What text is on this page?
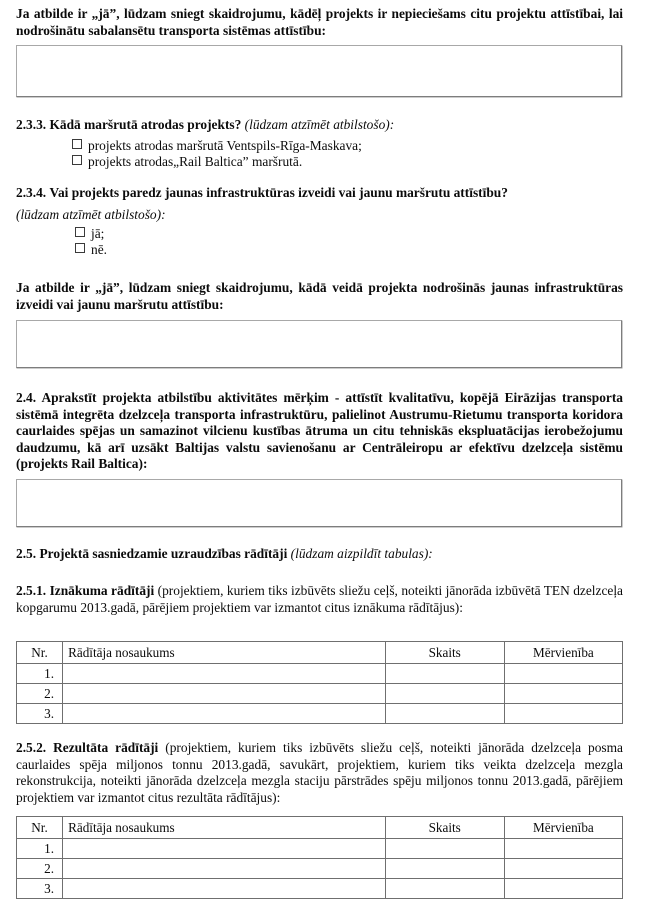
Ja atbilde ir „jā”, lūdzam sniegt skaidrojumu, kādēļ projekts ir nepieciešams citu projektu attīstībai, lai nodrošinātu sabalansētu transporta sistēmas attīstību:
2.3.3. Kādā maršrutā atrodas projekts? (lūdzam atzīmēt atbilstošo):
projekts atrodas maršrutā Ventspils-Rīga-Maskava;
projekts atrodas„Rail Baltica” maršrutā.
2.3.4. Vai projekts paredz jaunas infrastruktūras izveidi vai jaunu maršrutu attīstību?
(lūdzam atzīmēt atbilstošo):
jā;
nē.
Ja atbilde ir „jā”, lūdzam sniegt skaidrojumu, kādā veidā projekta nodrošinās jaunas infrastruktūras izveidi vai jaunu maršrutu attīstību:
2.4. Aprakstīt projekta atbilstību aktivitātes mērķim - attīstīt kvalitatīvu, kopējā Eirāzijas transporta sistēmā integrēta dzelzceļa transporta infrastruktūru, palielinot Austrumu-Rietumu transporta koridora caurlaides spējas un samazinot vilcienu kustības ātruma un citu tehniskās ekspluatācijas ierobežojumu daudzumu, kā arī uzsākt Baltijas valstu savienošanu ar Centrāleiropu ar efektīvu dzelzceļa sistēmu (projekts Rail Baltica):
2.5. Projektā sasniedzamie uzraudzības rādītāji (lūdzam aizpildīt tabulas):
2.5.1. Iznākuma rādītāji (projektiem, kuriem tiks izbūvēts sliežu ceļš, noteikti jānorāda izbūvētā TEN dzelzceļa kopgarumu 2013.gadā, pārējiem projektiem var izmantot citus iznākuma rādītājus):
Nr.	Rādītāja nosaukums	Skaits	Mērvienība
1.			
2.			
3.			
2.5.2. Rezultāta rādītāji (projektiem, kuriem tiks izbūvēts sliežu ceļš, noteikti jānorāda dzelzceļa posma caurlaides spēja miljonos tonnu 2013.gadā, savukārt, projektiem, kuriem tiks veikta dzelzceļa mezgla rekonstrukcija, noteikti jānorāda dzelzceļa mezgla staciju pārstrādes spēju miljonos tonnu 2013.gadā, pārējiem projektiem var izmantot citus rezultāta rādītājus):
Nr.	Rādītāja nosaukums	Skaits	Mērvienība
1.			
2.			
3.			
